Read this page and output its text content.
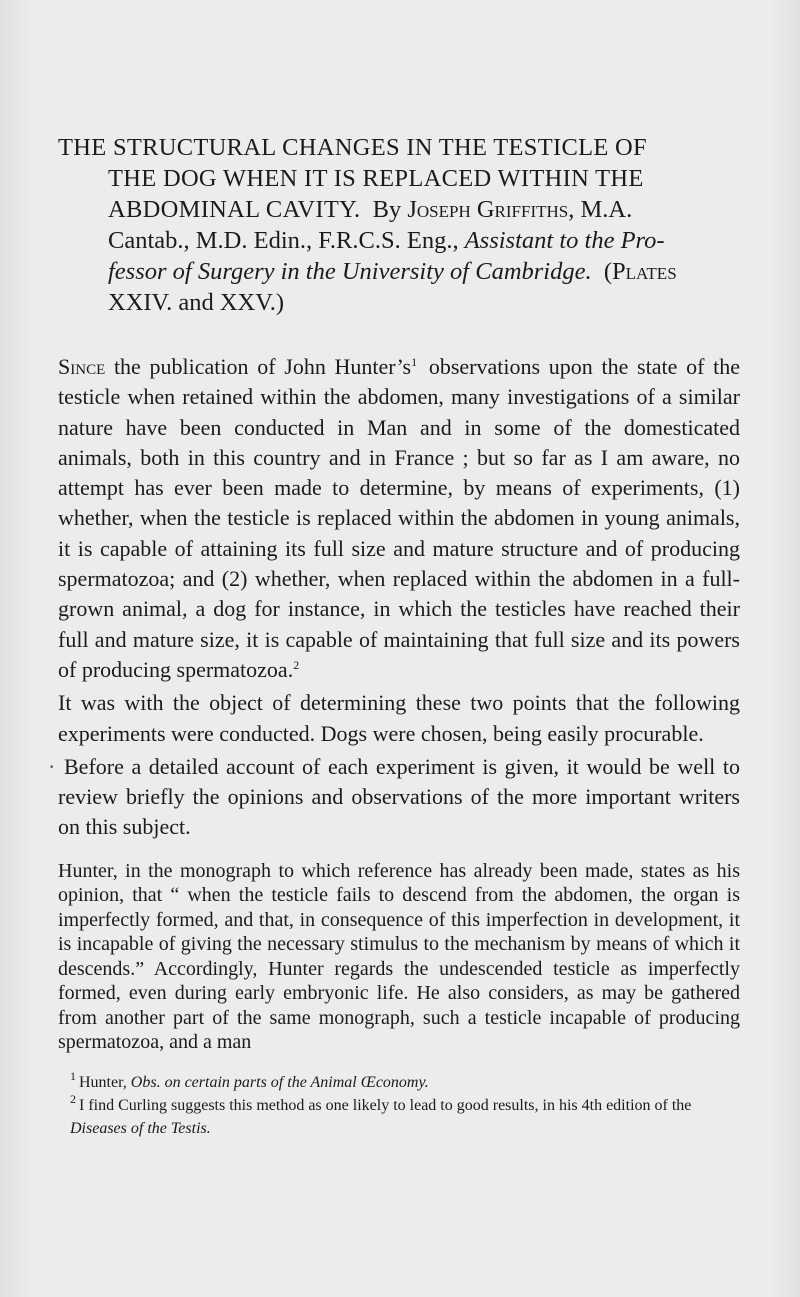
THE STRUCTURAL CHANGES IN THE TESTICLE OF
THE DOG WHEN IT IS REPLACED WITHIN THE
ABDOMINAL CAVITY. By Joseph Griffiths, M.A.
Cantab., M.D. Edin., F.R.C.S. Eng., Assistant to the Pro-
fessor of Surgery in the University of Cambridge. (Plates
XXIV. and XXV.)

Since the publication of John Hunter’s$^1$ observations upon the state of the testicle when retained within the abdomen, many investigations of a similar nature have been conducted in Man and in some of the domesticated animals, both in this country and in France ; but so far as I am aware, no attempt has ever been made to determine, by means of experiments, (1) whether, when the testicle is replaced within the abdomen in young animals, it is capable of attaining its full size and mature structure and of producing spermatozoa; and (2) whether, when replaced within the abdomen in a full-grown animal, a dog for instance, in which the testicles have reached their full and mature size, it is capable of maintaining that full size and its powers of producing spermatozoa.$^2$

It was with the object of determining these two points that the following experiments were conducted. Dogs were chosen, being easily procurable.

· Before a detailed account of each experiment is given, it would be well to review briefly the opinions and observations of the more important writers on this subject.

Hunter, in the monograph to which reference has already been made, states as his opinion, that “ when the testicle fails to descend from the abdomen, the organ is imperfectly formed, and that, in consequence of this imperfection in development, it is incapable of giving the necessary stimulus to the mechanism by means of which it descends.” Accordingly, Hunter regards the undescended testicle as imperfectly formed, even during early embryonic life. He also considers, as may be gathered from another part of the same monograph, such a testicle incapable of producing spermatozoa, and a man

$^1$ Hunter, Obs. on certain parts of the Animal Œconomy.

$^2$ I find Curling suggests this method as one likely to lead to good results, in his 4th edition of the Diseases of the Testis.
